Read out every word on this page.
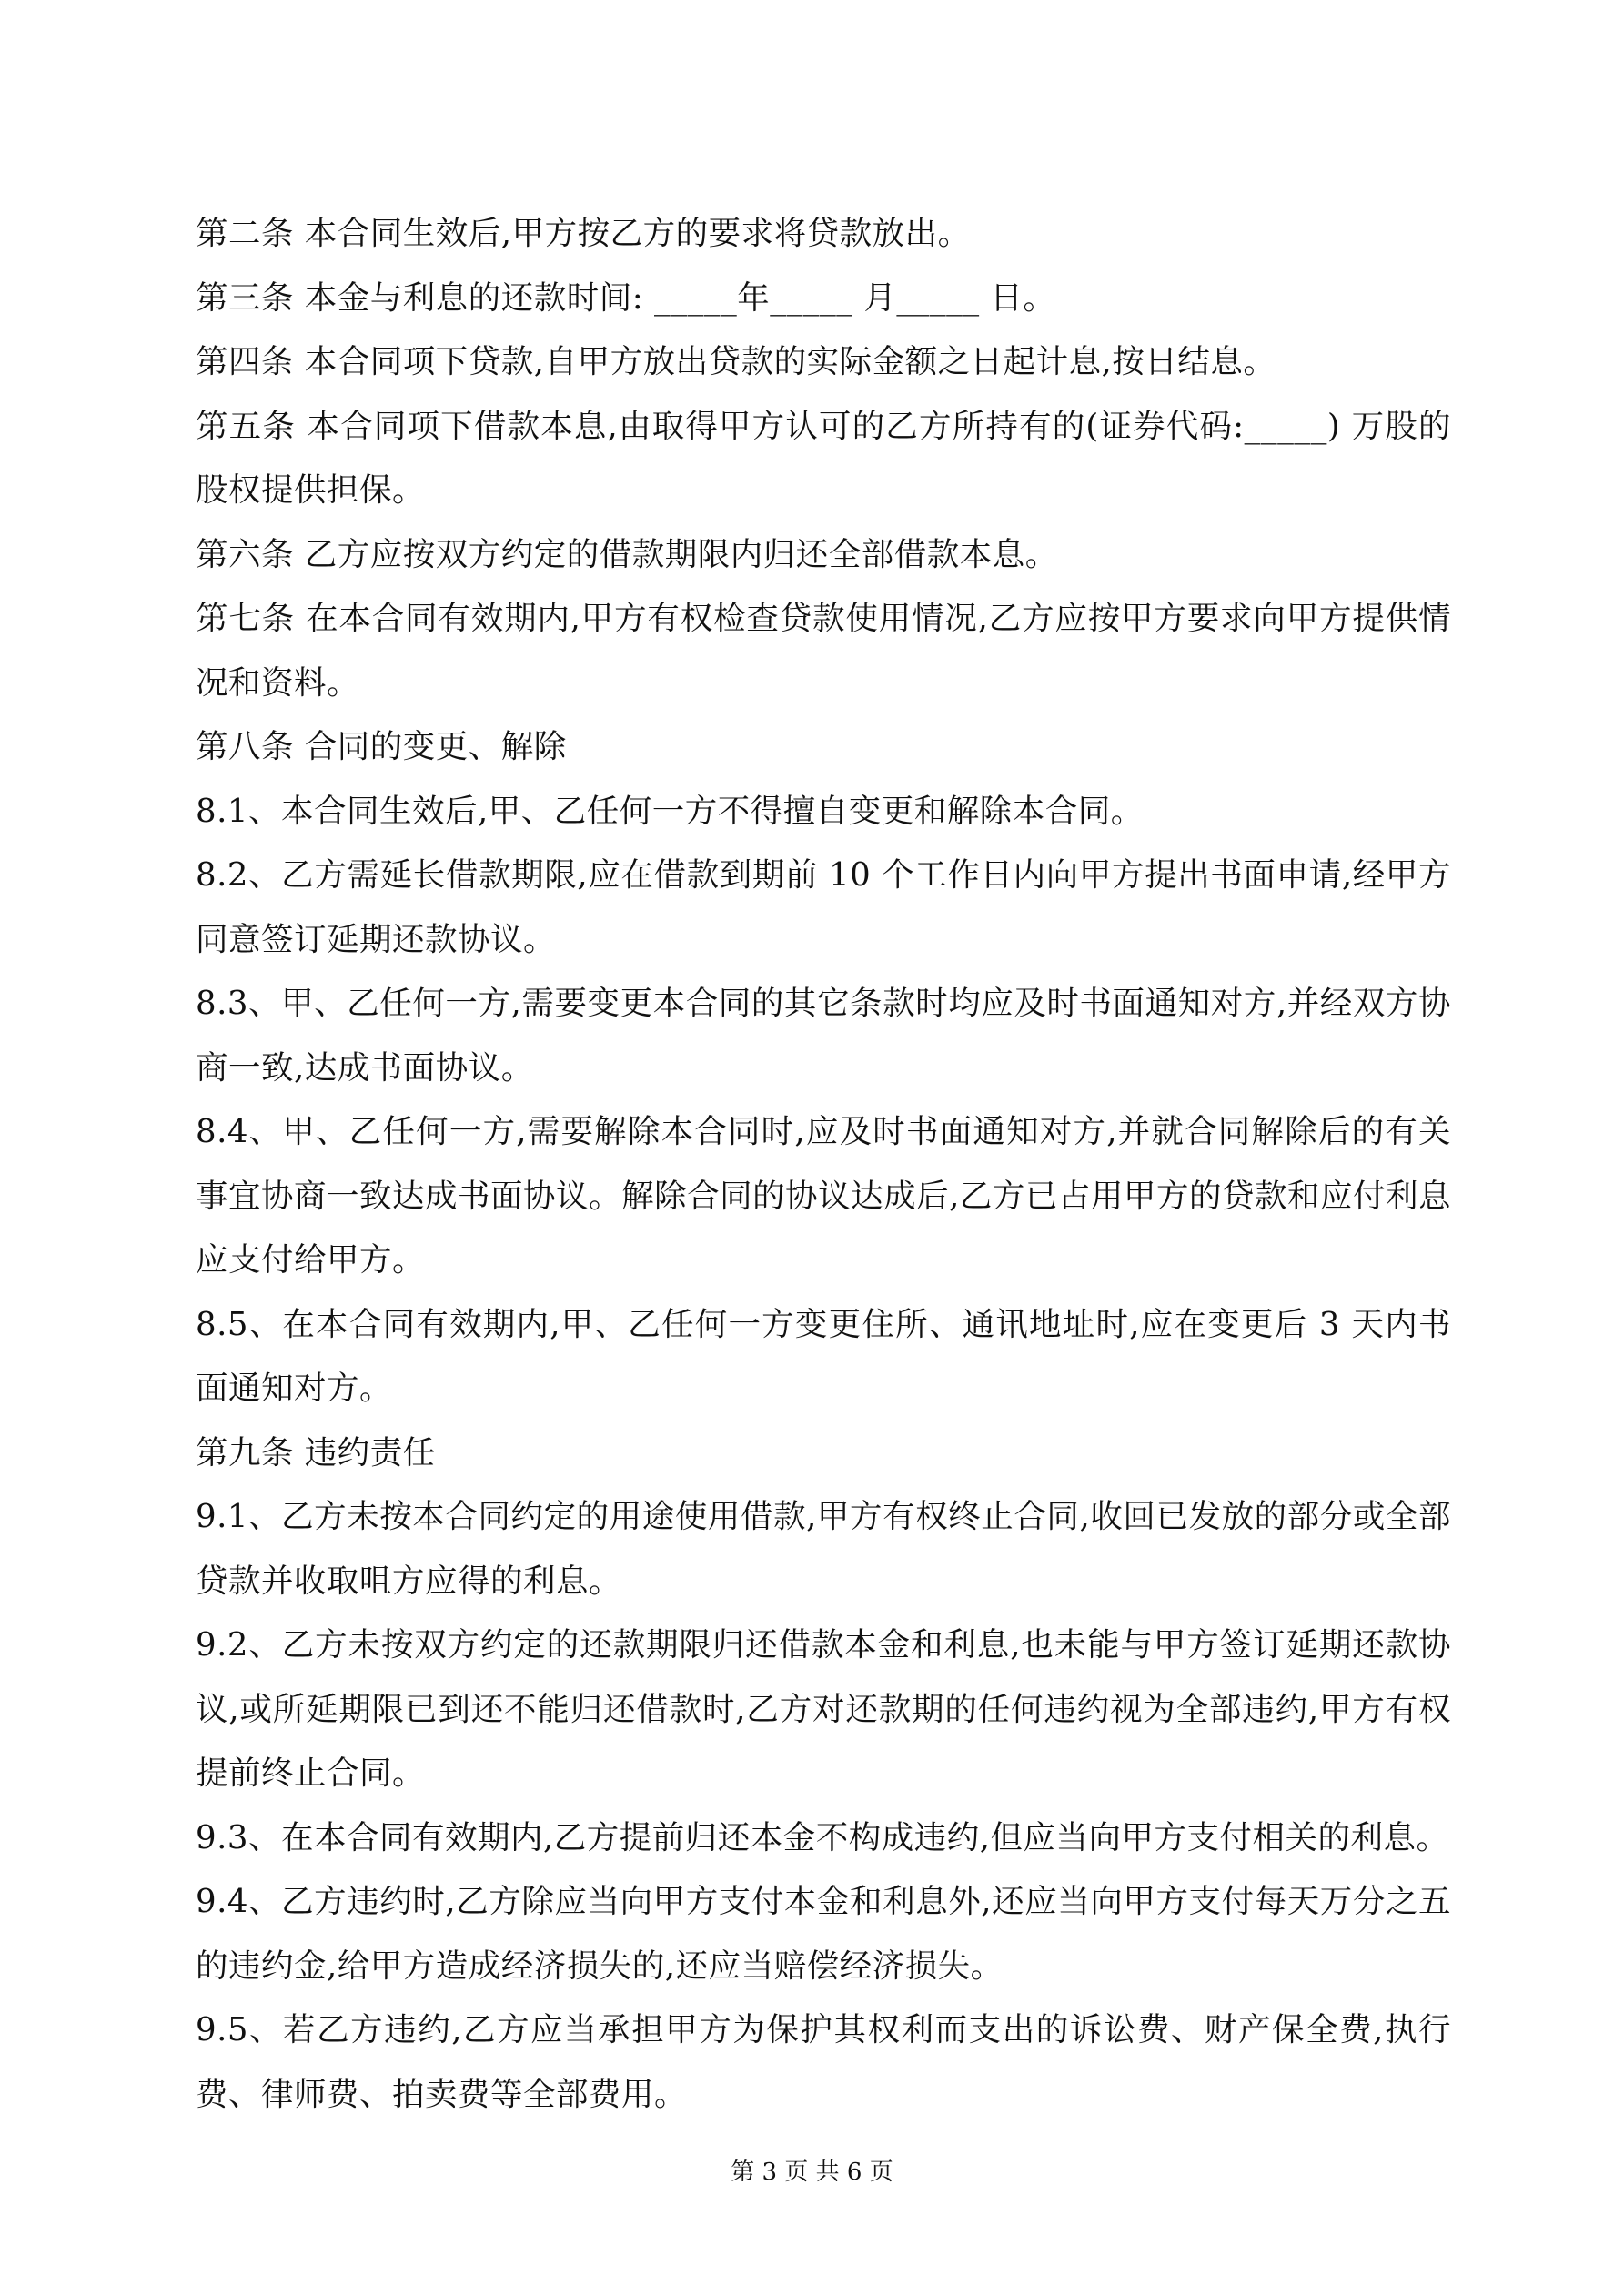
第二条 本合同生效后,甲方按乙方的要求将贷款放出。

第三条 本金与利息的还款时间: _____年_____ 月_____ 日。

第四条 本合同项下贷款,自甲方放出贷款的实际金额之日起计息,按日结息。

第五条 本合同项下借款本息,由取得甲方认可的乙方所持有的(证券代码:_____) 万股的股权提供担保。

第六条 乙方应按双方约定的借款期限内归还全部借款本息。

第七条 在本合同有效期内,甲方有权检查贷款使用情况,乙方应按甲方要求向甲方提供情况和资料。

第八条 合同的变更、解除

8.1、本合同生效后,甲、乙任何一方不得擅自变更和解除本合同。

8.2、乙方需延长借款期限,应在借款到期前 10 个工作日内向甲方提出书面申请,经甲方同意签订延期还款协议。

8.3、甲、乙任何一方,需要变更本合同的其它条款时均应及时书面通知对方,并经双方协商一致,达成书面协议。

8.4、甲、乙任何一方,需要解除本合同时,应及时书面通知对方,并就合同解除后的有关事宜协商一致达成书面协议。解除合同的协议达成后,乙方已占用甲方的贷款和应付利息应支付给甲方。

8.5、在本合同有效期内,甲、乙任何一方变更住所、通讯地址时,应在变更后 3 天内书面通知对方。

第九条 违约责任

9.1、乙方未按本合同约定的用途使用借款,甲方有权终止合同,收回已发放的部分或全部贷款并收取咀方应得的利息。

9.2、乙方未按双方约定的还款期限归还借款本金和利息,也未能与甲方签订延期还款协议,或所延期限已到还不能归还借款时,乙方对还款期的任何违约视为全部违约,甲方有权提前终止合同。

9.3、在本合同有效期内,乙方提前归还本金不构成违约,但应当向甲方支付相关的利息。

9.4、乙方违约时,乙方除应当向甲方支付本金和利息外,还应当向甲方支付每天万分之五的违约金,给甲方造成经济损失的,还应当赔偿经济损失。

9.5、若乙方违约,乙方应当承担甲方为保护其权利而支出的诉讼费、财产保全费,执行费、律师费、拍卖费等全部费用。

第 3 页 共 6 页
